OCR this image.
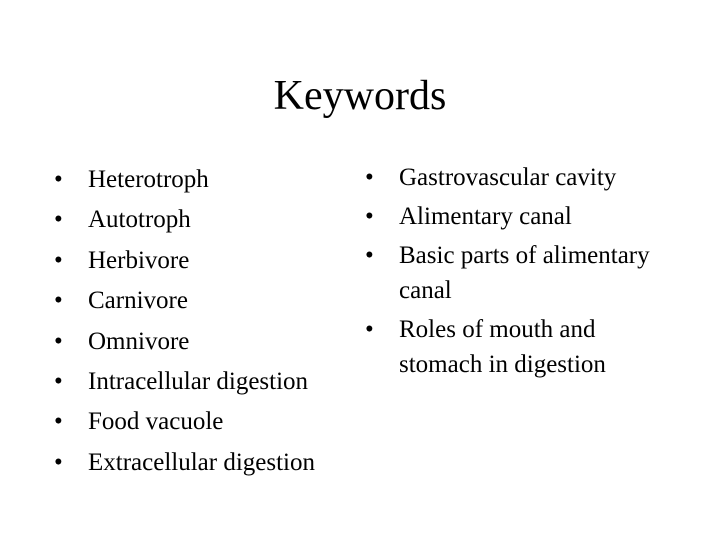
Keywords
•	Heterotroph
•	Autotroph
•	Herbivore
•	Carnivore
•	Omnivore
•	Intracellular digestion
•	Food vacuole
•	Extracellular digestion
•	Gastrovascular cavity
•	Alimentary canal
•	Basic parts of alimentary canal
•	Roles of mouth and stomach in digestion
